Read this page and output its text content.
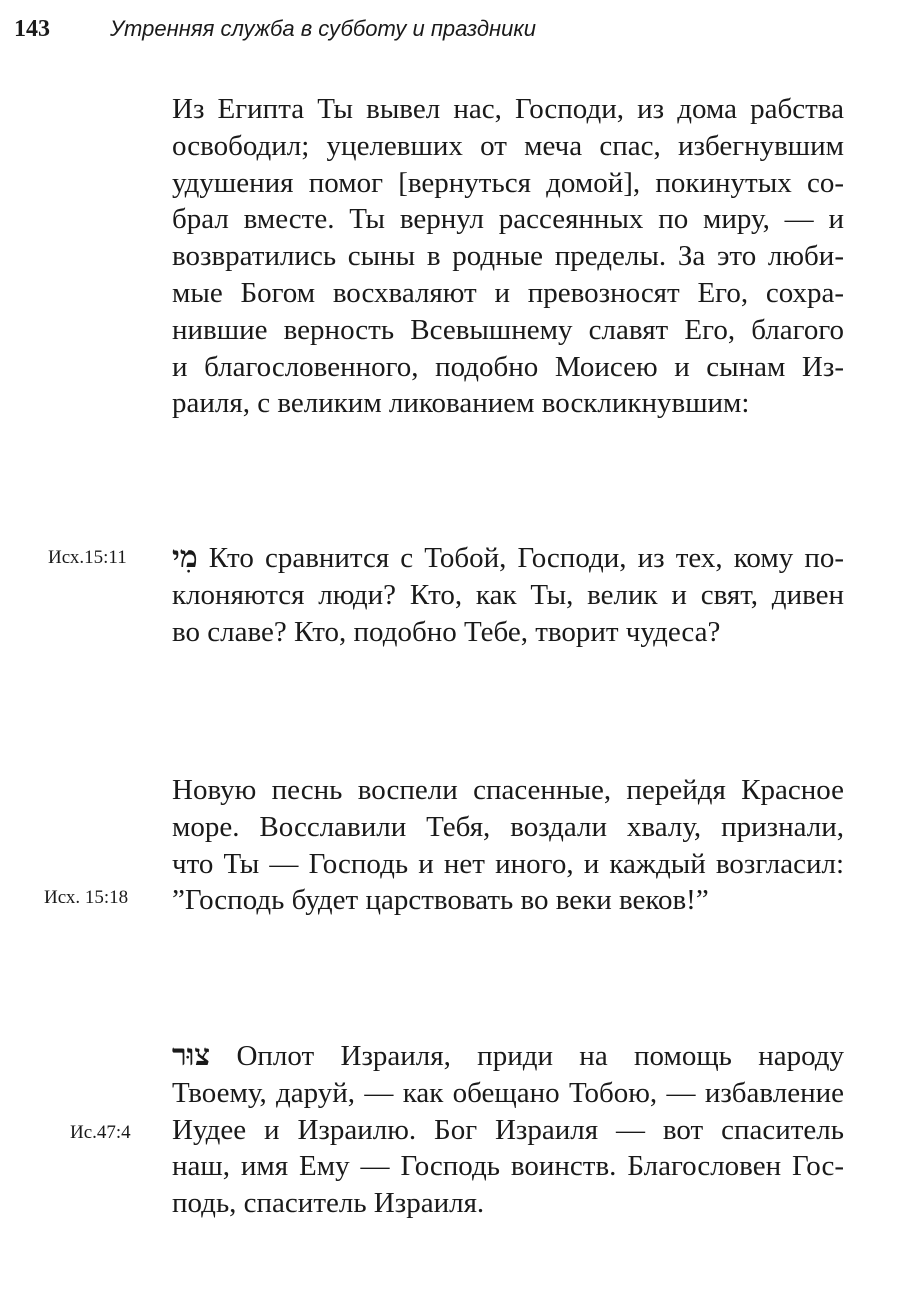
143	Утренняя служба в субботу и праздники
Из Египта Ты вывел нас, Господи, из дома рабства
освободил; уцелевших от меча спас, избегнувшим
удушения помог [вернуться домой], покинутых со-
брал вместе. Ты вернул рассеянных по миру, — и
возвратились сыны в родные пределы. За это люби-
мые Богом восхваляют и превозносят Его, сохра-
нившие верность Всевышнему славят Его, благого
и благословенного, подобно Моисею и сынам Из-
раиля, с великим ликованием воскликнувшим:
Исх.15:11 מִי Кто сравнится с Тобой, Господи, из тех, кому по-
клоняются люди? Кто, как Ты, велик и свят, дивен
во славе? Кто, подобно Тебе, творит чудеса?
Исх. 15:18
Новую песнь воспели спасенные, перейдя Красное
море. Восславили Тебя, воздали хвалу, признали,
что Ты — Господь и нет иного, и каждый возгласил:
”Господь будет царствовать во веки веков!”
Ис.47:4
צוּר Оплот Израиля, приди на помощь народу
Твоему, даруй, — как обещано Тобою, — избавление
Иудее и Израилю. Бог Израиля — вот спаситель
наш, имя Ему — Господь воинств. Благословен Гос-
подь, спаситель Израиля.
